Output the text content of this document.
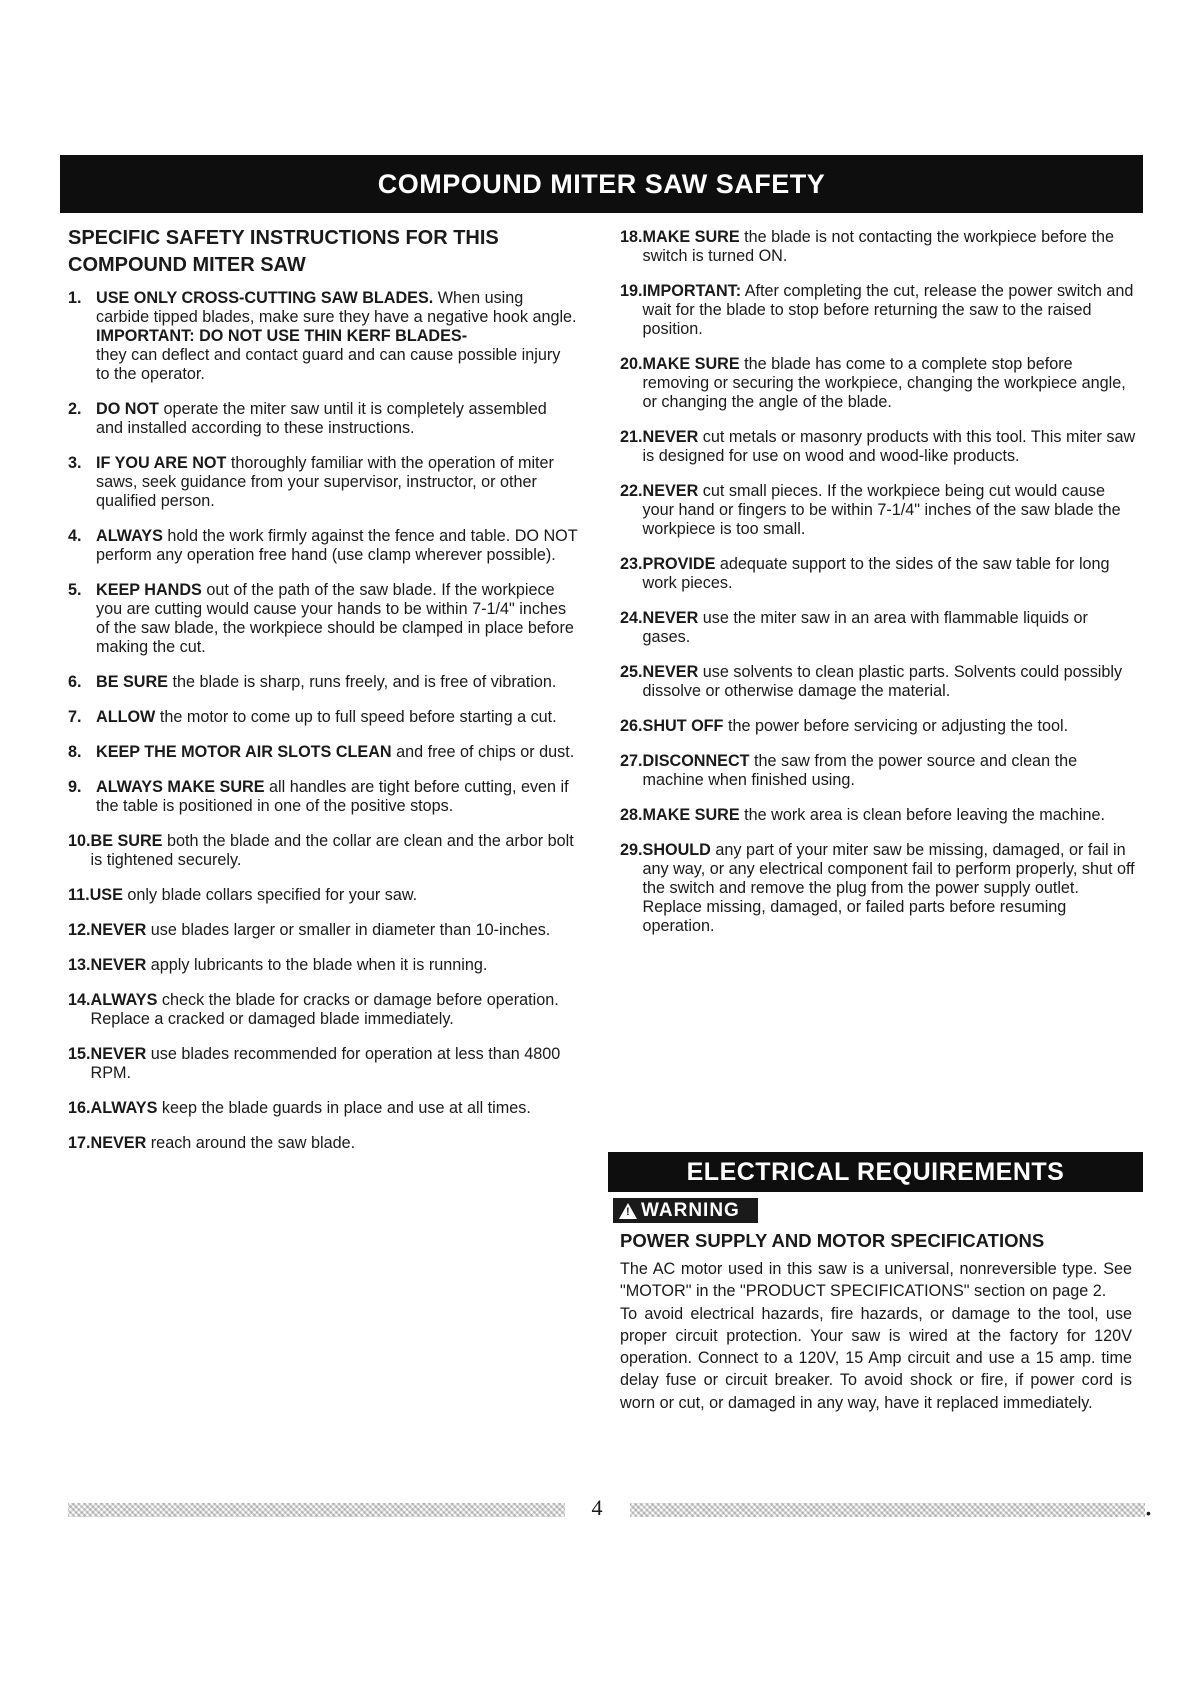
COMPOUND MITER SAW SAFETY
SPECIFIC SAFETY INSTRUCTIONS FOR THIS COMPOUND MITER SAW
1. USE ONLY CROSS-CUTTING SAW BLADES. When using carbide tipped blades, make sure they have a negative hook angle.
IMPORTANT: DO NOT USE THIN KERF BLADES-
they can deflect and contact guard and can cause possible injury to the operator.
2. DO NOT operate the miter saw until it is completely assembled and installed according to these instructions.
3. IF YOU ARE NOT thoroughly familiar with the operation of miter saws, seek guidance from your supervisor, instructor, or other qualified person.
4. ALWAYS hold the work firmly against the fence and table. DO NOT perform any operation free hand (use clamp wherever possible).
5. KEEP HANDS out of the path of the saw blade. If the workpiece you are cutting would cause your hands to be within 7-1/4" inches of the saw blade, the workpiece should be clamped in place before making the cut.
6. BE SURE the blade is sharp, runs freely, and is free of vibration.
7. ALLOW the motor to come up to full speed before starting a cut.
8. KEEP THE MOTOR AIR SLOTS CLEAN and free of chips or dust.
9. ALWAYS MAKE SURE all handles are tight before cutting, even if the table is positioned in one of the positive stops.
10. BE SURE both the blade and the collar are clean and the arbor bolt is tightened securely.
11. USE only blade collars specified for your saw.
12. NEVER use blades larger or smaller in diameter than 10-inches.
13. NEVER apply lubricants to the blade when it is running.
14. ALWAYS check the blade for cracks or damage before operation. Replace a cracked or damaged blade immediately.
15. NEVER use blades recommended for operation at less than 4800 RPM.
16. ALWAYS keep the blade guards in place and use at all times.
17. NEVER reach around the saw blade.
18. MAKE SURE the blade is not contacting the workpiece before the switch is turned ON.
19. IMPORTANT: After completing the cut, release the power switch and wait for the blade to stop before returning the saw to the raised position.
20. MAKE SURE the blade has come to a complete stop before removing or securing the workpiece, changing the workpiece angle, or changing the angle of the blade.
21. NEVER cut metals or masonry products with this tool. This miter saw is designed for use on wood and wood-like products.
22. NEVER cut small pieces. If the workpiece being cut would cause your hand or fingers to be within 7-1/4" inches of the saw blade the workpiece is too small.
23. PROVIDE adequate support to the sides of the saw table for long work pieces.
24. NEVER use the miter saw in an area with flammable liquids or gases.
25. NEVER use solvents to clean plastic parts. Solvents could possibly dissolve or otherwise damage the material.
26. SHUT OFF the power before servicing or adjusting the tool.
27. DISCONNECT the saw from the power source and clean the machine when finished using.
28. MAKE SURE the work area is clean before leaving the machine.
29. SHOULD any part of your miter saw be missing, damaged, or fail in any way, or any electrical component fail to perform properly, shut off the switch and remove the plug from the power supply outlet. Replace missing, damaged, or failed parts before resuming operation.
ELECTRICAL REQUIREMENTS
! WARNING
POWER SUPPLY AND MOTOR SPECIFICATIONS

The AC motor used in this saw is a universal, nonreversible type. See "MOTOR" in the "PRODUCT SPECIFICATIONS" section on page 2.

To avoid electrical hazards, fire hazards, or damage to the tool, use proper circuit protection. Your saw is wired at the factory for 120V operation. Connect to a 120V, 15 Amp circuit and use a 15 amp. time delay fuse or circuit breaker. To avoid shock or fire, if power cord is worn or cut, or damaged in any way, have it replaced immediately.

4	•
